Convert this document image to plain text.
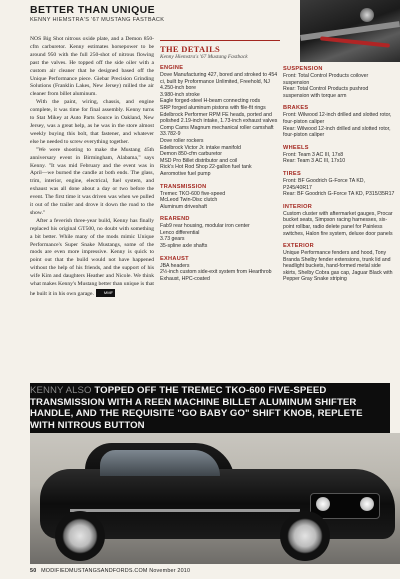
BETTER THAN UNIQUE
KENNY HIEMSTRA'S '67 MUSTANG FASTBACK

NOS Big Shot nitrous oxide plate, and a Demon 850-cfm carburetor. Kenny estimates horsepower to be around 950 with the full 250-shot of nitrous flowing past the valves. He topped off the side oiler with a custom air cleaner that he designed based off the Unique Performance piece. Giebar Precision Grinding Solutions (Franklin Lakes, New Jersey) milled the air cleaner from billet aluminum.

With the paint, wiring, chassis, and engine complete, it was time for final assembly. Kenny turns to Stat Mikey at Auto Parts Source in Oakland, New Jersey, was a great help, as he was in the store almost weekly buying this bolt, that fastener, and whatever else he needed to screw everything together.

"We were shooting to make the Mustang 45th anniversary event in Birmingham, Alabama," says Kenny. "It was mid February and the event was in April—we burned the candle at both ends. The glass, trim, interior, engine, electrical, fuel system, and exhaust was all done about a day or two before the event. The first time it was driven was when we pulled it out of the trailer and drove it down the road to the show."

After a feverish three-year build, Kenny has finally replaced his original GT500, no doubt with something a bit better. While many of the mods mimic Unique Performance's Super Snake Mustangs, some of the mods are even more impressive. Kenny is quick to point out that the build would not have happened without the help of his friends, and the support of his wife Kim and daughters Heather and Nicole. We think what makes Kenny's Mustang better than unique is that he built it in his own garage.	MMF

THE DETAILS
Kenny Hiemstra's '67 Mustang Fastback
ENGINE
Dove Manufacturing 427, bored and stroked to 454 ci, built by Proformance Unlimited, Freehold, NJ
4.250-inch bore
3.980-inch stroke
Eagle forged-steel H-beam connecting rods
SRP forged aluminum pistons with file-fit rings
Edelbrock Performer RPM FE heads, ported and polished 2.19-inch intake, 1.73-inch exhaust valves
Comp Cams Magnum mechanical roller camshaft 33.782-9
Dove roller rockers
Edelbrock Victor Jr. intake manifold
Demon 850-cfm carburetor
MSD Pro Billet distributor and coil
Rick's Hot Rod Shop 22-gallon fuel tank
Aeromotive fuel pump
TRANSMISSION
Tremec TKO-600 five-speed
McLeod Twin-Disc clutch
Aluminum driveshaft
REAREND
Fab9 rear housing, modular iron center
Lenco differential
3.73 gears
35-spline axle shafts
EXHAUST
JBA headers
2½-inch custom side-exit system from Hearthrob Exhaust, HPC-coated
SUSPENSION
Front: Total Control Products coilover suspension
Rear: Total Control Products pushrod suspension with torque arm
BRAKES
Front: Wilwood 12-inch drilled and slotted rotor, four-piston caliper
Rear: Wilwood 12-inch drilled and slotted rotor, four-piston caliper
WHEELS
Front: Team 3 AC III, 17x8
Rear: Team 3 AC III, 17x10
TIRES
Front: BF Goodrich G-Force TA KD, P245/40R17
Rear: BF Goodrich G-Force TA KD, P315/35R17
INTERIOR
Custom cluster with aftermarket gauges, Procar bucket seats, Simpson racing harnesses, six-point rollbar, radio delete panel for Painless switches, Halon fire system, deluxe door panels
EXTERIOR
Unique Performance fenders and hood, Tony Branda Shelby fender extensions, trunk lid and headlight buckets, hand-formed metal side skirts, Shelby Cobra gas cap, Jaguar Black with Pepper Gray Snake striping
KENNY ALSO TOPPED OFF THE TREMEC TKO-600 FIVE-SPEED TRANSMISSION WITH A REEN MACHINE BILLET ALUMINUM SHIFTER HANDLE, AND THE REQUISITE "GO BABY GO" SHIFT KNOB, REPLETE WITH NITROUS BUTTON
50 MODIFIEDMUSTANGSANDFORDS.COM November 2010
